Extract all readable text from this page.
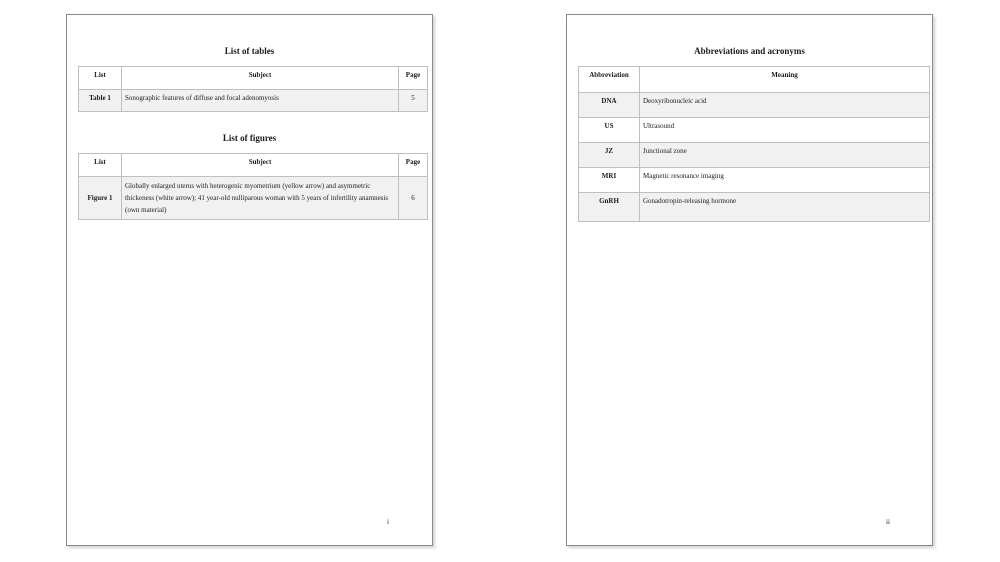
List of tables
List	Subject	Page
Table 1	Sonographic features of diffuse and focal adenomyosis	5
List of figures
List	Subject	Page
Figure 1	Globally enlarged uterus with heterogenic myometrium (yellow arrow) and asymmetric thickeness (white arrow); 41 year-old nulliparous woman with 5 years of infertility anamnesis (own material)	6
i
Abbreviations and acronyms
Abbreviation	Meaning
DNA	Deoxyribonucleic acid
US	Ultrasound
JZ	Junctional zone
MRI	Magnetic resonance imaging
GnRH	Gonadotropin-releasing hormone
ii
